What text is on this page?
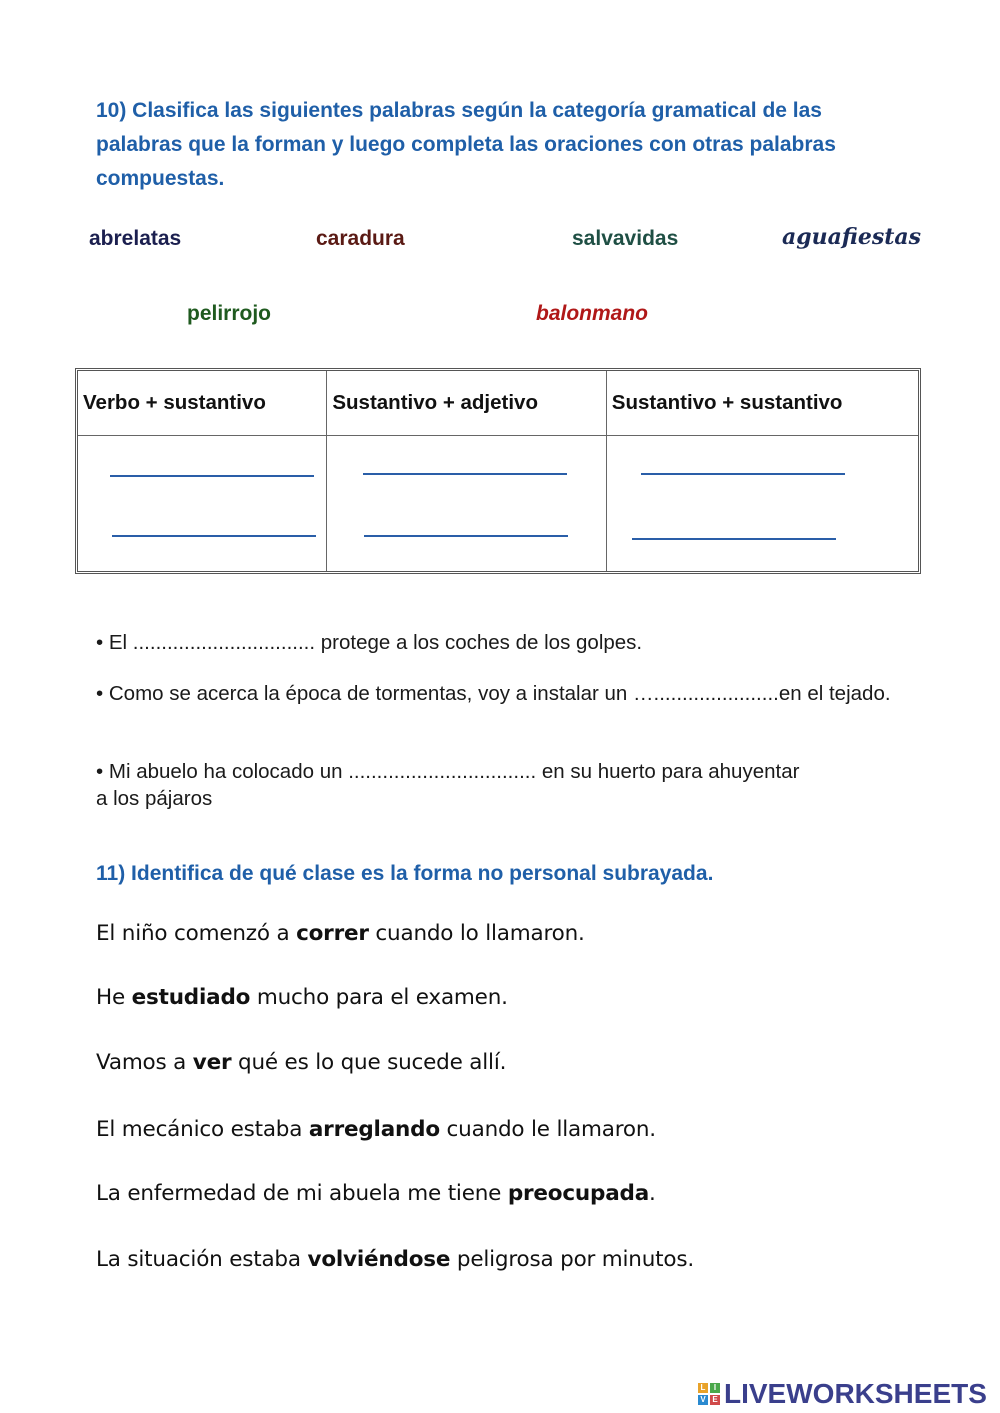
10) Clasifica las siguientes palabras según la categoría gramatical de las palabras que la forman y luego completa las oraciones con otras palabras compuestas.
abrelatas	caradura	salvavidas	aguafiestas
pelirrojo	balonmano
Verbo + sustantivo	Sustantivo + adjetivo	Sustantivo + sustantivo

• El ................................ protege a los coches de los golpes.
• Como se acerca la época de tormentas, voy a instalar un …......................en el tejado.
• Mi abuelo ha colocado un ................................. en su huerto para ahuyentar a los pájaros
11) Identifica de qué clase es la forma no personal subrayada.
El niño comenzó a correr cuando lo llamaron.
He estudiado mucho para el examen.
Vamos a ver qué es lo que sucede allí.
El mecánico estaba arreglando cuando le llamaron.
La enfermedad de mi abuela me tiene preocupada.
La situación estaba volviéndose peligrosa por minutos.
L	I
V E LIVEWORKSHEETS
